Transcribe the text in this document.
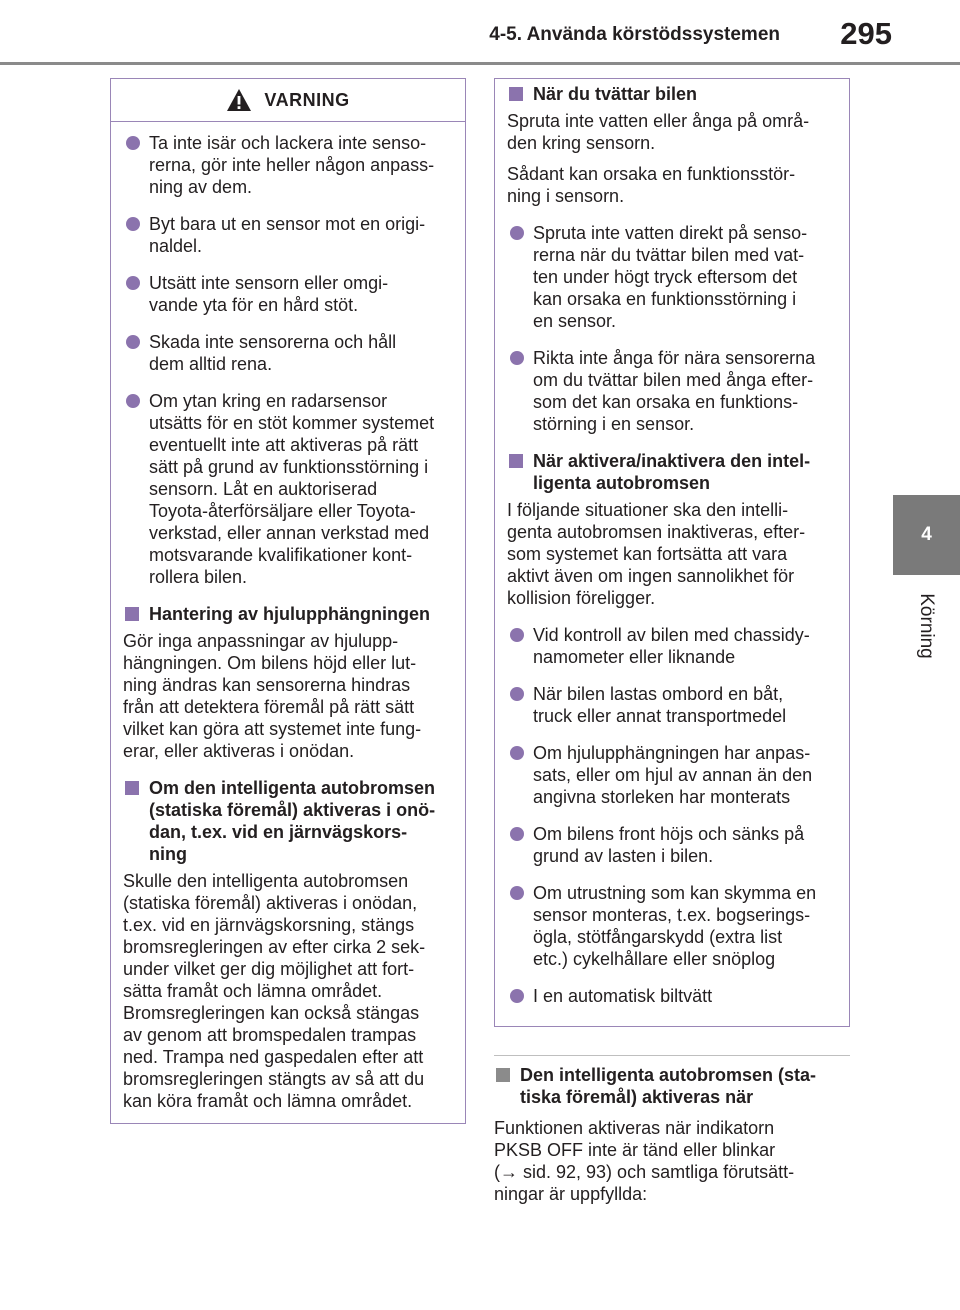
4-5. Använda körstödssystemen	295
4
Körning
VARNING

Ta inte isär och lackera inte senso-
rerna, gör inte heller någon anpass-
ning av dem.

Byt bara ut en sensor mot en origi-
naldel.

Utsätt inte sensorn eller omgi-
vande yta för en hård stöt.

Skada inte sensorerna och håll
dem alltid rena.

Om ytan kring en radarsensor
utsätts för en stöt kommer systemet
eventuellt inte att aktiveras på rätt
sätt på grund av funktionsstörning i
sensorn. Låt en auktoriserad
Toyota-återförsäljare eller Toyota-
verkstad, eller annan verkstad med
motsvarande kvalifikationer kont-
rollera bilen.

Hantering av hjulupphängningen

Gör inga anpassningar av hjulupp-
hängningen. Om bilens höjd eller lut-
ning ändras kan sensorerna hindras
från att detektera föremål på rätt sätt
vilket kan göra att systemet inte fung-
erar, eller aktiveras i onödan.

Om den intelligenta autobromsen
(statiska föremål) aktiveras i onö-
dan, t.ex. vid en järnvägskors-
ning

Skulle den intelligenta autobromsen
(statiska föremål) aktiveras i onödan,
t.ex. vid en järnvägskorsning, stängs
bromsregleringen av efter cirka 2 sek-
under vilket ger dig möjlighet att fort-
sätta framåt och lämna området.
Bromsregleringen kan också stängas
av genom att bromspedalen trampas
ned. Trampa ned gaspedalen efter att
bromsregleringen stängts av så att du
kan köra framåt och lämna området.

När du tvättar bilen

Spruta inte vatten eller ånga på områ-
den kring sensorn.

Sådant kan orsaka en funktionsstör-
ning i sensorn.

Spruta inte vatten direkt på senso-
rerna när du tvättar bilen med vat-
ten under högt tryck eftersom det
kan orsaka en funktionsstörning i
en sensor.

Rikta inte ånga för nära sensorerna
om du tvättar bilen med ånga efter-
som det kan orsaka en funktions-
störning i en sensor.

När aktivera/inaktivera den intel-
ligenta autobromsen

I följande situationer ska den intelli-
genta autobromsen inaktiveras, efter-
som systemet kan fortsätta att vara
aktivt även om ingen sannolikhet för
kollision föreligger.

Vid kontroll av bilen med chassidy-
namometer eller liknande

När bilen lastas ombord en båt,
truck eller annat transportmedel

Om hjulupphängningen har anpas-
sats, eller om hjul av annan än den
angivna storleken har monterats

Om bilens front höjs och sänks på
grund av lasten i bilen.

Om utrustning som kan skymma en
sensor monteras, t.ex. bogserings-
ögla, stötfångarskydd (extra list
etc.) cykelhållare eller snöplog

I en automatisk biltvätt

Den intelligenta autobromsen (sta-
tiska föremål) aktiveras när

Funktionen aktiveras när indikatorn

PKSB OFF inte är tänd eller blinkar

(→ sid. 92, 93) och samtliga förutsätt-

ningar är uppfyllda:
